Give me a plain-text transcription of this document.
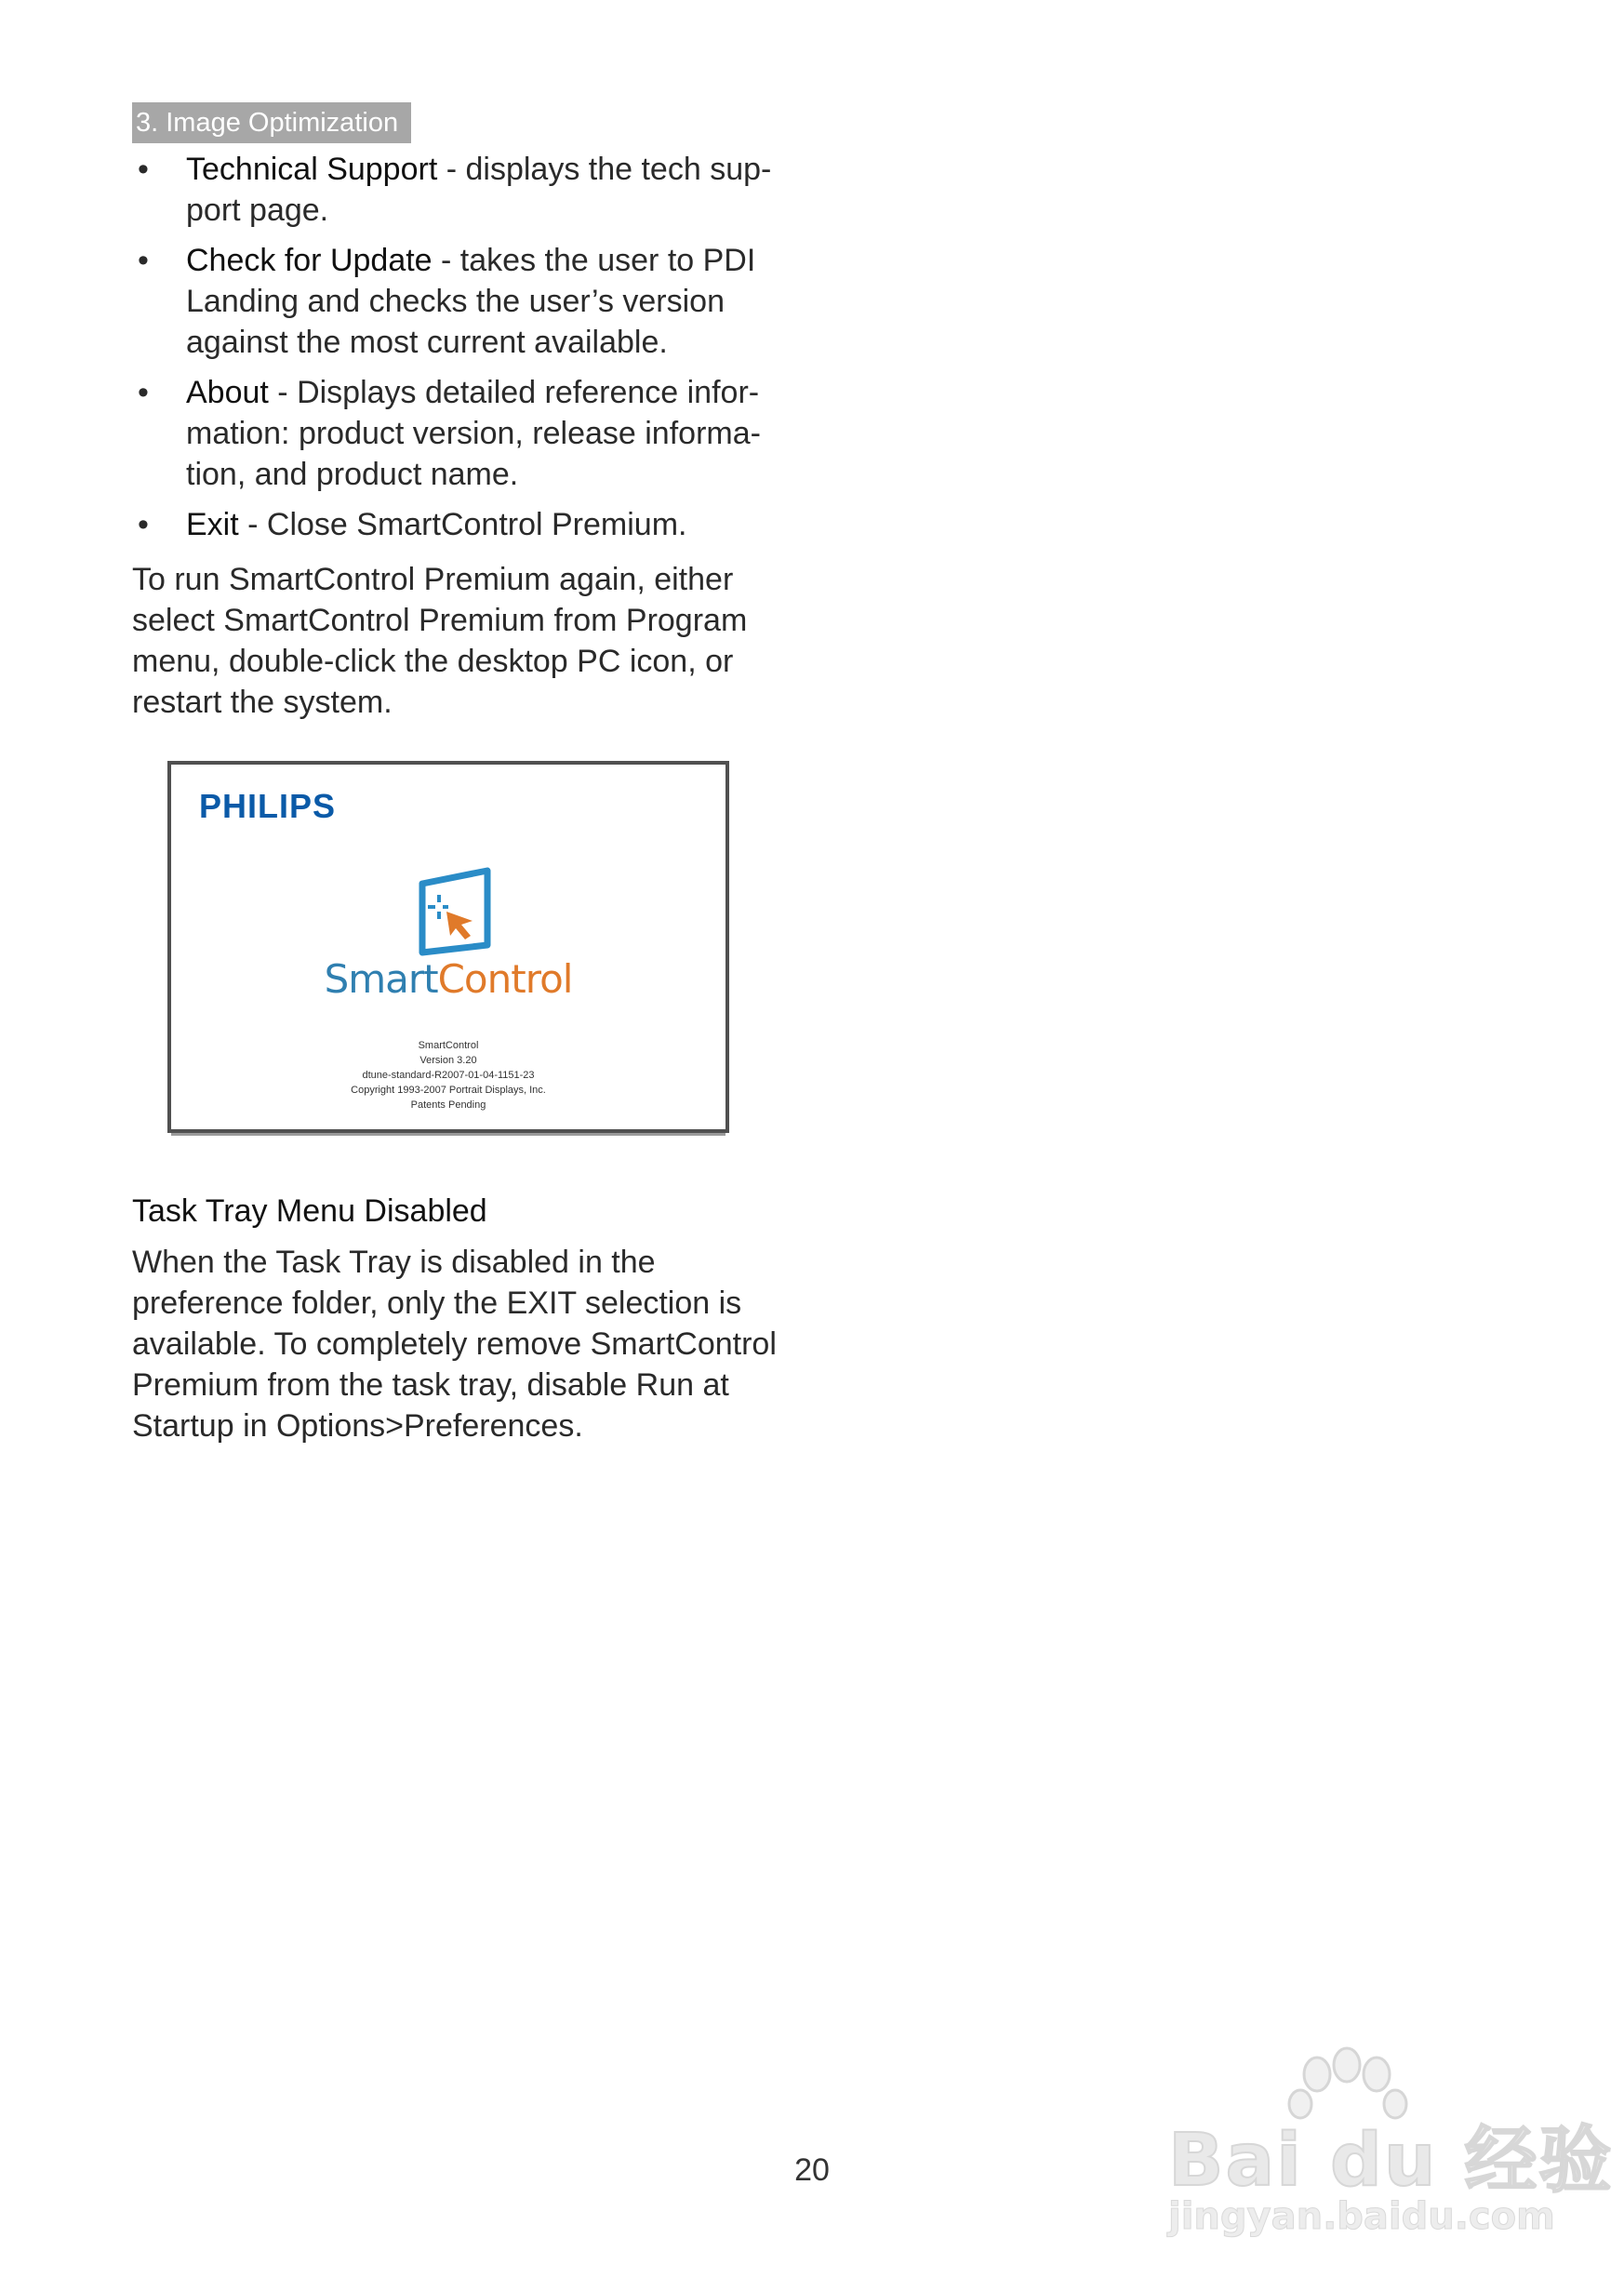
3. Image Optimization
• Technical Support - displays the tech sup-
port page.
• Check for Update - takes the user to PDI Landing and checks the user’s version against the most current available.
• About - Displays detailed reference infor-
mation: product version, release informa-
tion, and product name.
• Exit - Close SmartControl Premium.
To run SmartControl Premium again, either select SmartControl Premium from Program menu, double-click the desktop PC icon, or restart the system.
PHILIPS
SmartControl
SmartControl
Version 3.20
dtune-standard-R2007-01-04-1151-23
Copyright 1993-2007 Portrait Displays, Inc.
Patents Pending
Task Tray Menu Disabled
When the Task Tray is disabled in the preference folder, only the EXIT selection is available. To completely remove SmartControl Premium from the task tray, disable Run at Startup in Options>Preferences.
20	Bai du 经验
jingyan.baidu.com
